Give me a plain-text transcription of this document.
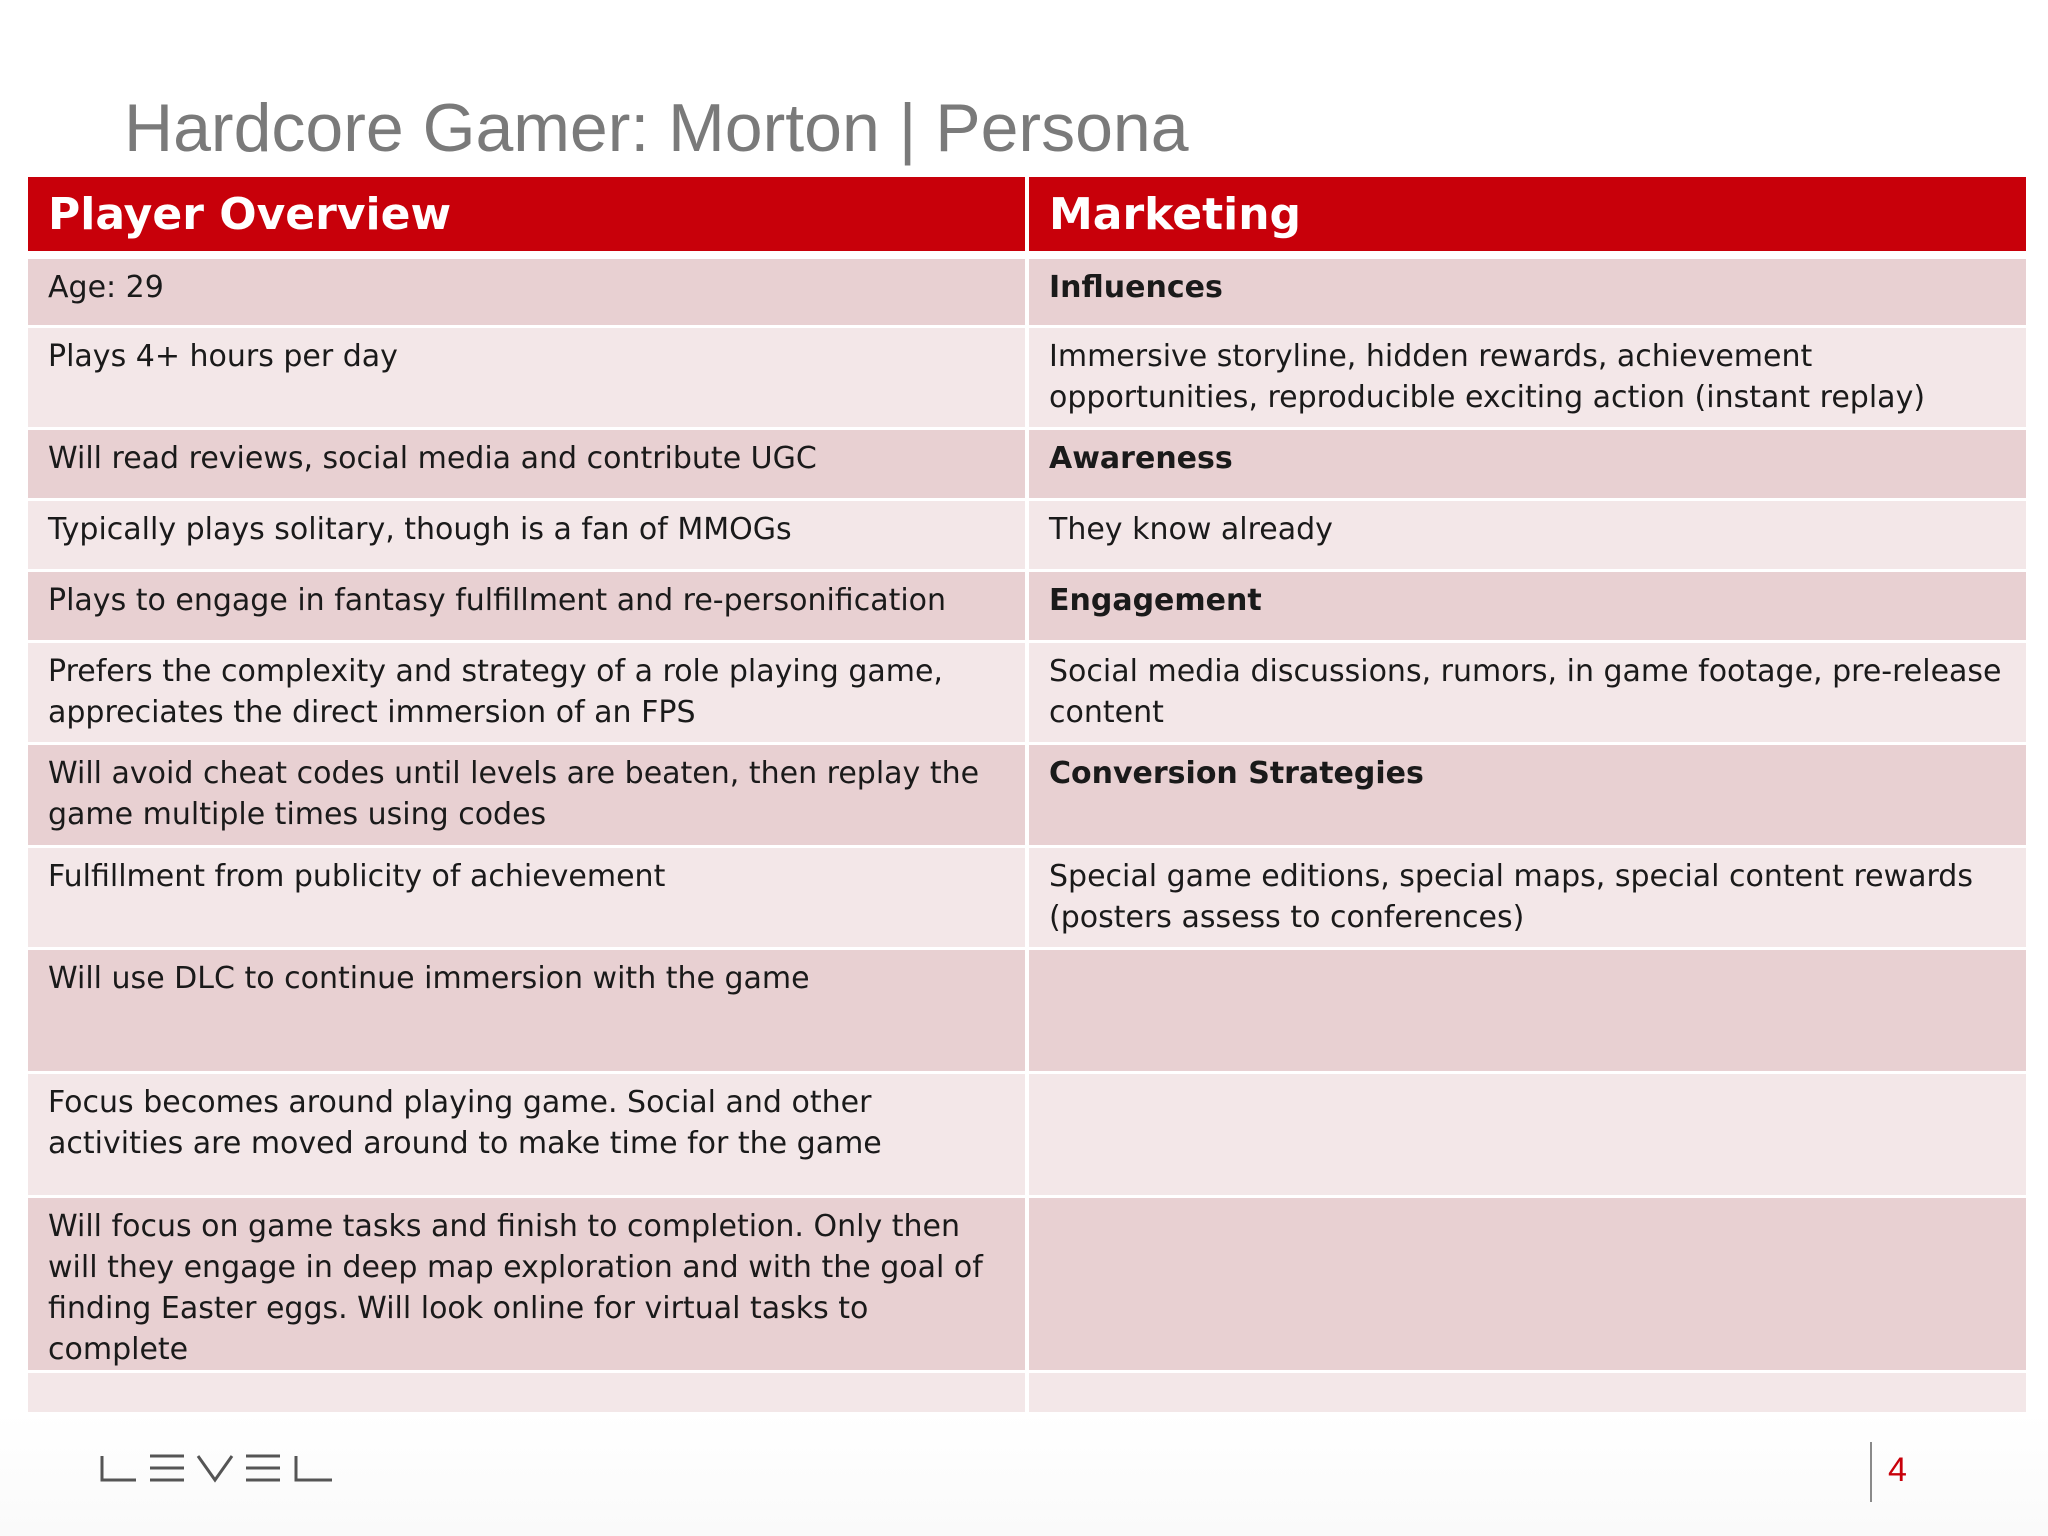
Hardcore Gamer: Morton | Persona
Player Overview	Marketing
Age: 29	Influences
Plays 4+ hours per day	Immersive storyline, hidden rewards, achievement opportunities, reproducible exciting action (instant replay)
Will read reviews, social media and contribute UGC	Awareness
Typically plays solitary, though is a fan of MMOGs	They know already
Plays to engage in fantasy fulfillment and re-personification	Engagement
Prefers the complexity and strategy of a role playing game, appreciates the direct immersion of an FPS	Social media discussions, rumors, in game footage, pre-release content
Will avoid cheat codes until levels are beaten, then replay the game multiple times using codes	Conversion Strategies
Fulfillment from publicity of achievement	Special game editions, special maps, special content rewards (posters assess to conferences)
Will use DLC to continue immersion with the game	
Focus becomes around playing game. Social and other activities are moved around to make time for the game	
Will focus on game tasks and finish to completion. Only then will they engage in deep map exploration and with the goal of finding Easter eggs. Will look online for virtual tasks to complete	

4
